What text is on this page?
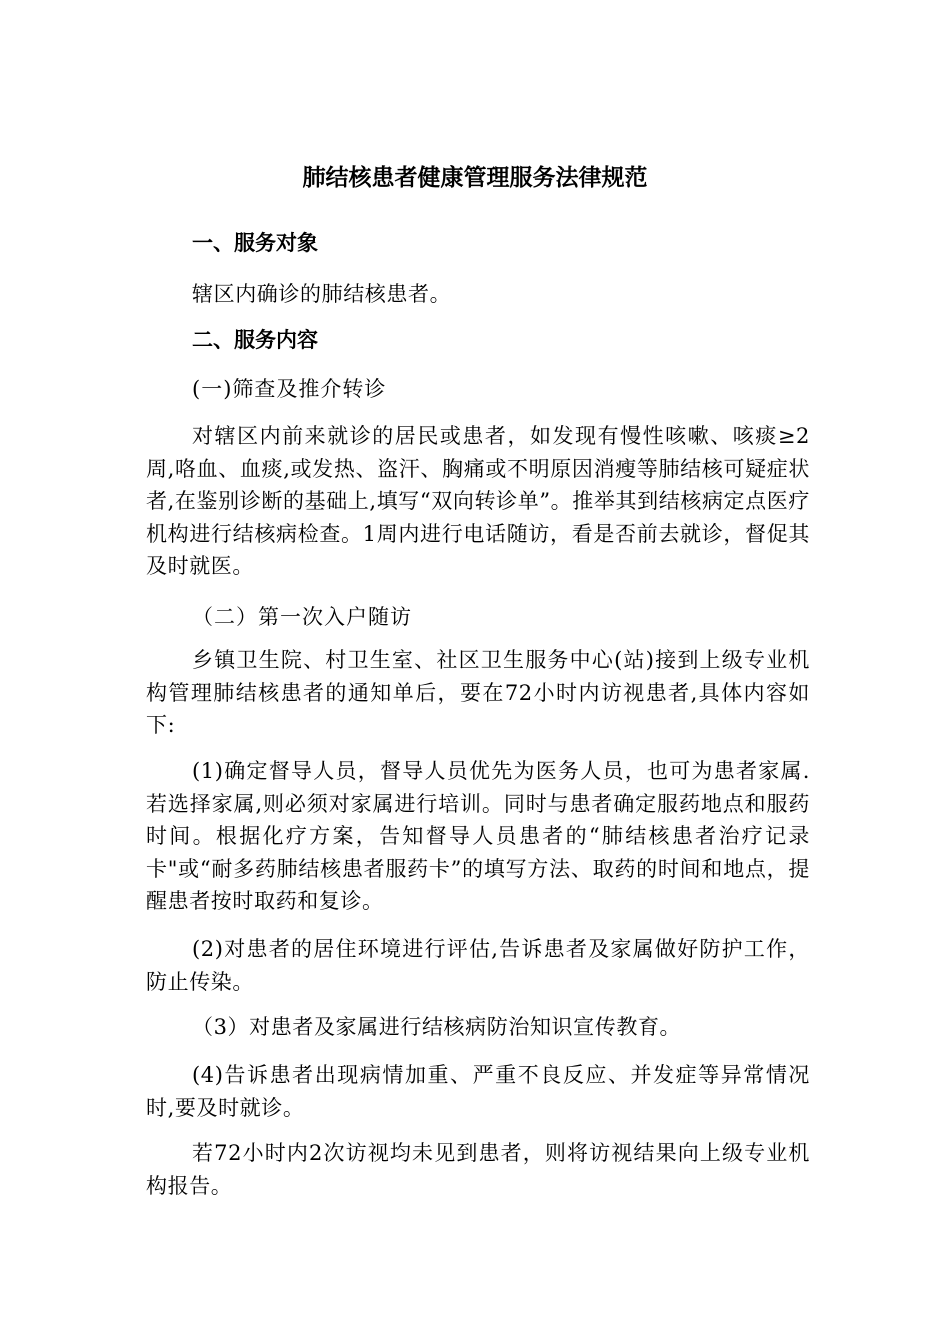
肺结核患者健康管理服务法律规范
一、服务对象

辖区内确诊的肺结核患者。

二、服务内容
(一)筛查及推介转诊

对辖区内前来就诊的居民或患者，如发现有慢性咳嗽、咳痰≥2周,咯血、血痰,或发热、盗汗、胸痛或不明原因消瘦等肺结核可疑症状者,在鉴别诊断的基础上,填写“双向转诊单”。推举其到结核病定点医疗机构进行结核病检查。1周内进行电话随访，看是否前去就诊，督促其及时就医。

（二）第一次入户随访

乡镇卫生院、村卫生室、社区卫生服务中心(站)接到上级专业机构管理肺结核患者的通知单后，要在72小时内访视患者,具体内容如下:

(1)确定督导人员，督导人员优先为医务人员，也可为患者家属.若选择家属,则必须对家属进行培训。同时与患者确定服药地点和服药时间。根据化疗方案，告知督导人员患者的“肺结核患者治疗记录卡"或“耐多药肺结核患者服药卡”的填写方法、取药的时间和地点，提醒患者按时取药和复诊。

(2)对患者的居住环境进行评估,告诉患者及家属做好防护工作，防止传染。

（3）对患者及家属进行结核病防治知识宣传教育。

(4)告诉患者出现病情加重、严重不良反应、并发症等异常情况时,要及时就诊。

若72小时内2次访视均未见到患者，则将访视结果向上级专业机构报告。
